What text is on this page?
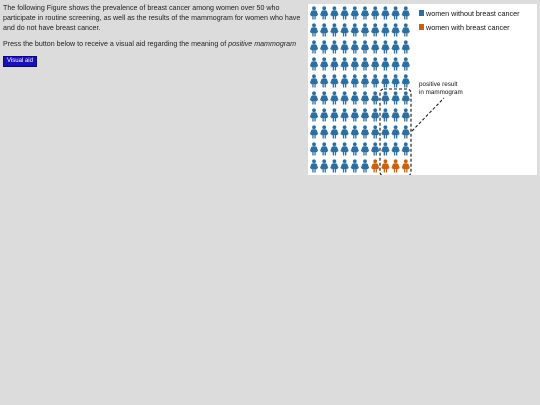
The following Figure shows the prevalence of breast cancer among women over 50 who participate in routine screening, as well as the results of the mammogram for women who have and do not have breast cancer.

Press the button below to receive a visual aid regarding the meaning of positive mammogram

Visual aid
positive result
in mammogram
women without breast cancer
women with breast cancer
